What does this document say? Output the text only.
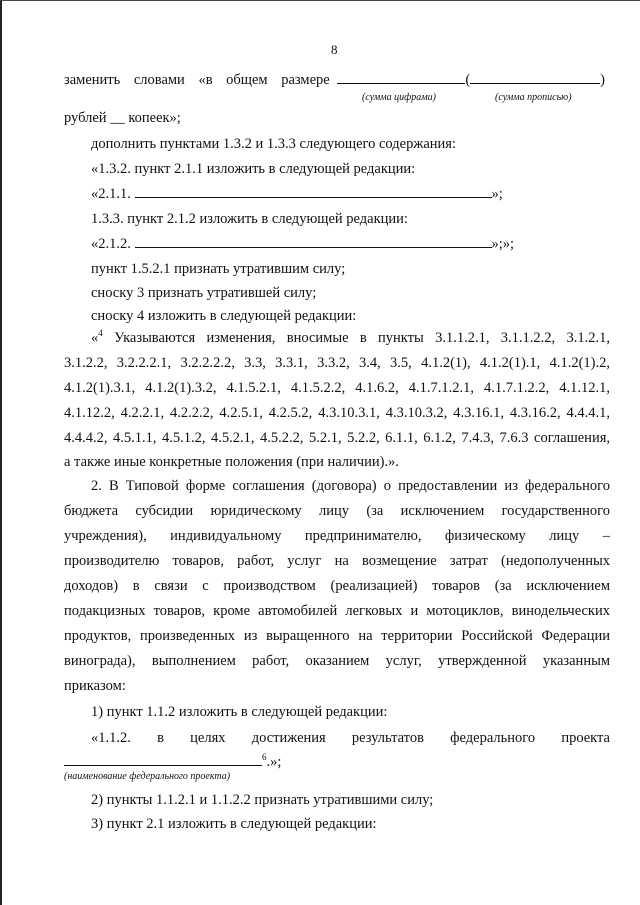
8
заменить словами «в общем размере	(	)
(сумма цифрами)	(сумма прописью)
рублей __ копеек»;
дополнить пунктами 1.3.2 и 1.3.3 следующего содержания:
«1.3.2. пункт 2.1.1 изложить в следующей редакции:
«2.1.1.	»;
1.3.3. пункт 2.1.2 изложить в следующей редакции:
«2.1.2.	»;»;
пункт 1.5.2.1 признать утратившим силу;
сноску 3 признать утратившей силу;
сноску 4 изложить в следующей редакции:
«$^4$ Указываются изменения, вносимые в пункты 3.1.1.2.1, 3.1.1.2.2, 3.1.2.1,
3.1.2.2, 3.2.2.2.1, 3.2.2.2.2, 3.3, 3.3.1, 3.3.2, 3.4, 3.5, 4.1.2(1), 4.1.2(1).1, 4.1.2(1).2,
4.1.2(1).3.1, 4.1.2(1).3.2, 4.1.5.2.1, 4.1.5.2.2, 4.1.6.2, 4.1.7.1.2.1, 4.1.7.1.2.2, 4.1.12.1,
4.1.12.2, 4.2.2.1, 4.2.2.2, 4.2.5.1, 4.2.5.2, 4.3.10.3.1, 4.3.10.3.2, 4.3.16.1, 4.3.16.2, 4.4.4.1,
4.4.4.2, 4.5.1.1, 4.5.1.2, 4.5.2.1, 4.5.2.2, 5.2.1, 5.2.2, 6.1.1, 6.1.2, 7.4.3, 7.6.3 соглашения,
а также иные конкретные положения (при наличии).».
2. В Типовой форме соглашения (договора) о предоставлении из федерального
бюджета субсидии юридическому лицу (за исключением государственного
учреждения), индивидуальному предпринимателю, физическому лицу –
производителю товаров, работ, услуг на возмещение затрат (недополученных
доходов) в связи с производством (реализацией) товаров (за исключением
подакцизных товаров, кроме автомобилей легковых и мотоциклов, винодельческих
продуктов, произведенных из выращенного на территории Российской Федерации
винограда), выполнением работ, оказанием услуг, утвержденной указанным
приказом:
1) пункт 1.1.2 изложить в следующей редакции:
«1.1.2. в целях достижения результатов федерального проекта
$^6$.»;
(наименование федерального проекта)
2) пункты 1.1.2.1 и 1.1.2.2 признать утратившими силу;
3) пункт 2.1 изложить в следующей редакции:
